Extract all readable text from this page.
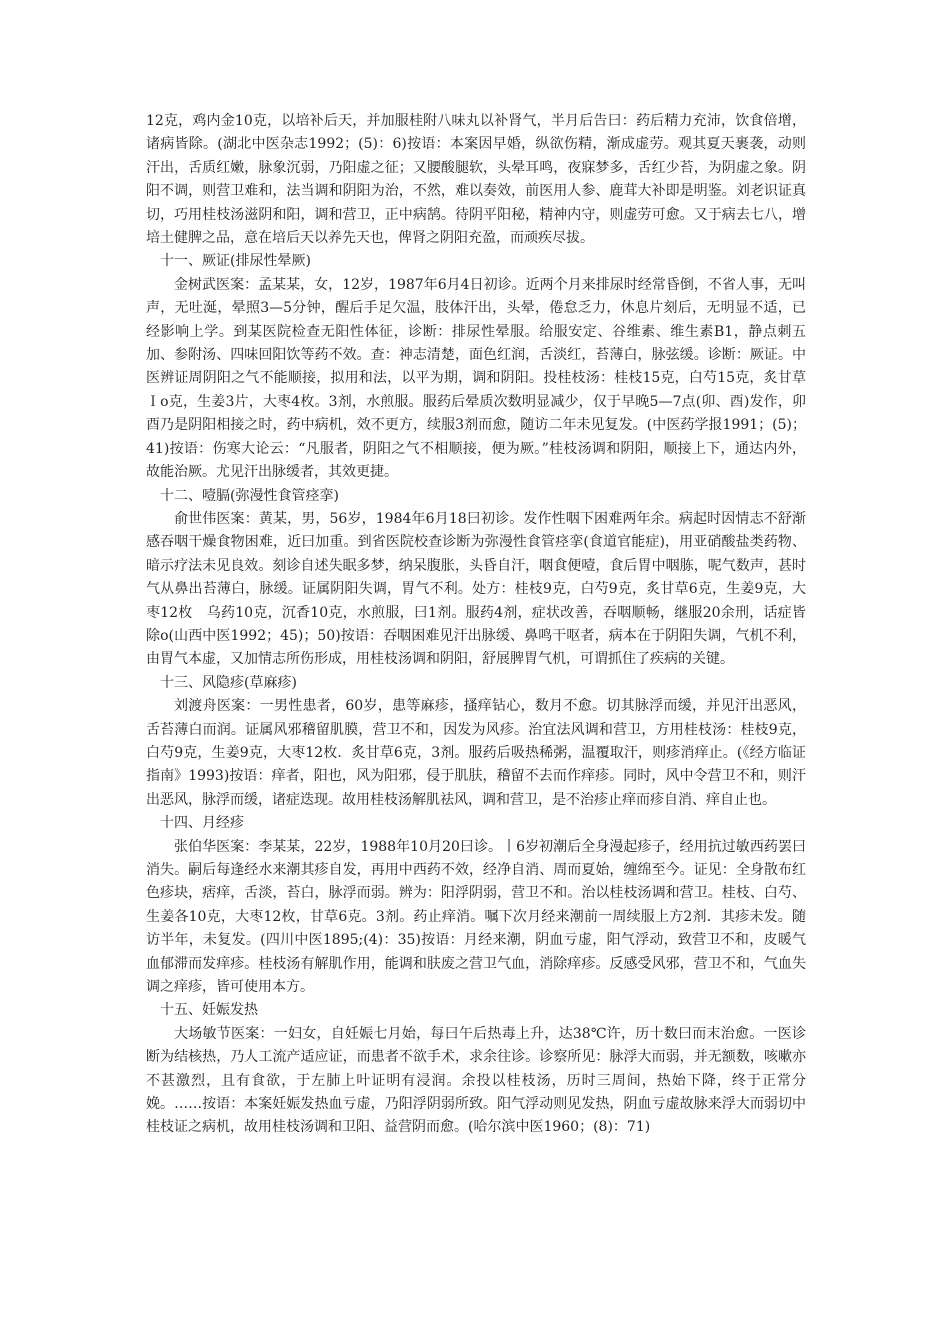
12克，鸡内金10克，以培补后天，并加服桂附八味丸以补肾气，半月后告曰：药后精力充沛，饮食倍增，诸病皆除。(湖北中医杂志1992；(5)：6)按语：本案因早婚，纵欲伤精，渐成虚劳。观其夏天裹袭，动则汗出，舌质红嫩，脉象沉弱，乃阳虚之征；又腰酸腿软，头晕耳鸣，夜寐梦多，舌红少苔，为阴虚之象。阴阳不调，则营卫难和，法当调和阴阳为治，不然，难以奏效，前医用人参、鹿茸大补即是明鉴。刘老识证真切，巧用桂枝汤滋阴和阳，调和营卫，正中病鹄。待阴平阳秘，精神内守，则虚劳可愈。又于病去七八，增培土健脾之品，意在培后天以养先天也，俾肾之阴阳充盈，而顽疾尽拔。

十一、厥证(排尿性晕厥)

金树武医案：孟某某，女，12岁，1987年6月4日初诊。近两个月来排尿时经常昏倒，不省人事，无叫声，无吐涎，晕照3—5分钟，醒后手足欠温，肢体汗出，头晕，倦怠乏力，休息片刻后，无明显不适，已经影响上学。到某医院检查无阳性体征，诊断：排尿性晕服。给服安定、谷维素、维生素B1，静点刺五加、参附汤、四味回阳饮等药不效。查：神志清楚，面色红润，舌淡红，苔薄白，脉弦缓。诊断：厥证。中医辨证周阴阳之气不能顺接，拟用和法，以平为期，调和阴阳。投桂枝汤：桂枝15克，白芍15克，炙甘草Ｉo克，生姜3片，大枣4枚。3剂，水煎服。服药后晕质次数明显减少，仅于早晚5—7点(卯、酉)发作，卯酉乃是阴阳相接之时，药中病机，效不更方，续服3剂而愈，随访二年未见复发。(中医药学报1991；(5)；41)按语：伤寒大论云：“凡服者，阴阳之气不相顺接，便为厥。”桂枝汤调和阴阳，顺接上下，通达内外，故能治厥。尤见汗出脉缓者，其效更捷。

十二、噎膈(弥漫性食管痉挛)

俞世伟医案：黄某，男，56岁，1984年6月18曰初诊。发作性咽下困难两年余。病起时因情志不舒渐感吞咽干燥食物困难，近曰加重。到省医院校查诊断为弥漫性食管痉挛(食道官能症)，用亚硝酸盐类药物、暗示疗法未见良效。刻诊自述失眠多梦，纳呆腹胀，头昏自汗，咽食便噎，食后胃中咽胨，呢气数声，甚时气从鼻出苔薄白，脉缓。证属阴阳失调，胃气不利。处方：桂枝9克，白芍9克，炙甘草6克，生姜9克，大枣12枚　乌药10克，沉香10克，水煎服，曰1剂。服药4剂，症状改善，吞咽顺畅，继服20余刑，话症皆除o(山西中医1992；45)；50)按语：吞咽困难见汗出脉缓、鼻鸣干呕者，病本在于阴阳失调，气机不利，由胃气本虚，又加情志所伤形成，用桂枝汤调和阴阳，舒展脾胃气机，可谓抓住了疾病的关键。

十三、风隐疹(草麻疹)

刘渡舟医案：一男性患者，60岁，患等麻疹，搔痒钻心，数月不愈。切其脉浮而缓，并见汗出恶风，舌苔薄白而润。证属风邪稽留肌膜，营卫不和，因发为风疹。治宜法风调和营卫，方用桂枝汤：桂枝9克，白芍9克，生姜9克，大枣12枚．炙甘草6克，3剂。服药后吸热稀粥，温覆取汗，则疹消痒止。(《经方临证指南》1993)按语：痒者，阳也，风为阳邪，侵于肌肤，稽留不去而作痒疹。同时，风中令营卫不和，则汗出恶风，脉浮而缓，诸症迭现。故用桂枝汤解肌祛风，调和营卫，是不治疹止痒而疹自消、痒自止也。

十四、月经疹

张伯华医案：李某某，22岁，1988年10月20曰诊。丨6岁初潮后全身漫起疹子，经用抗过敏西药罢曰消失。嗣后每逢经水来潮其疹自发，再用中西药不效，经净自消、周而夏始，缠绵至今。证见：全身散布红色疹块，痞痒，舌淡，苔白，脉浮而弱。辨为：阳浮阴弱，营卫不和。治以桂枝汤调和营卫。桂枝、白芍、生姜各10克，大枣12枚，甘草6克。3剂。药止痒消。嘱下次月经来潮前一周续服上方2剂．其疹未发。随访半年，未复发。(四川中医1895;(4)：35)按语：月经来潮，阴血亏虚，阳气浮动，致营卫不和，皮暖气血郁滞而发痒疹。桂枝汤有解肌作用，能调和肤废之营卫气血，消除痒疹。反感受风邪，营卫不和，气血失调之痒疹，皆可使用本方。

十五、妊娠发热

大场敏节医案：一妇女，自妊娠七月始，每曰午后热毒上升，达38℃许，历十数曰而末治愈。一医诊断为结核热，乃人工流产适应证，而患者不欲手术，求余往诊。诊察所见：脉浮大而弱，并无额数，咳嗽亦不甚激烈，且有食欲，于左肺上叶证明有浸润。余投以桂枝汤，历时三周间，热始下降，终于正常分娩。……按语：本案妊娠发热血亏虚，乃阳浮阴弱所致。阳气浮动则见发热，阴血亏虚故脉来浮大而弱切中桂枝证之病机，故用桂枝汤调和卫阳、益营阴而愈。(哈尔滨中医1960；(8)：71)
